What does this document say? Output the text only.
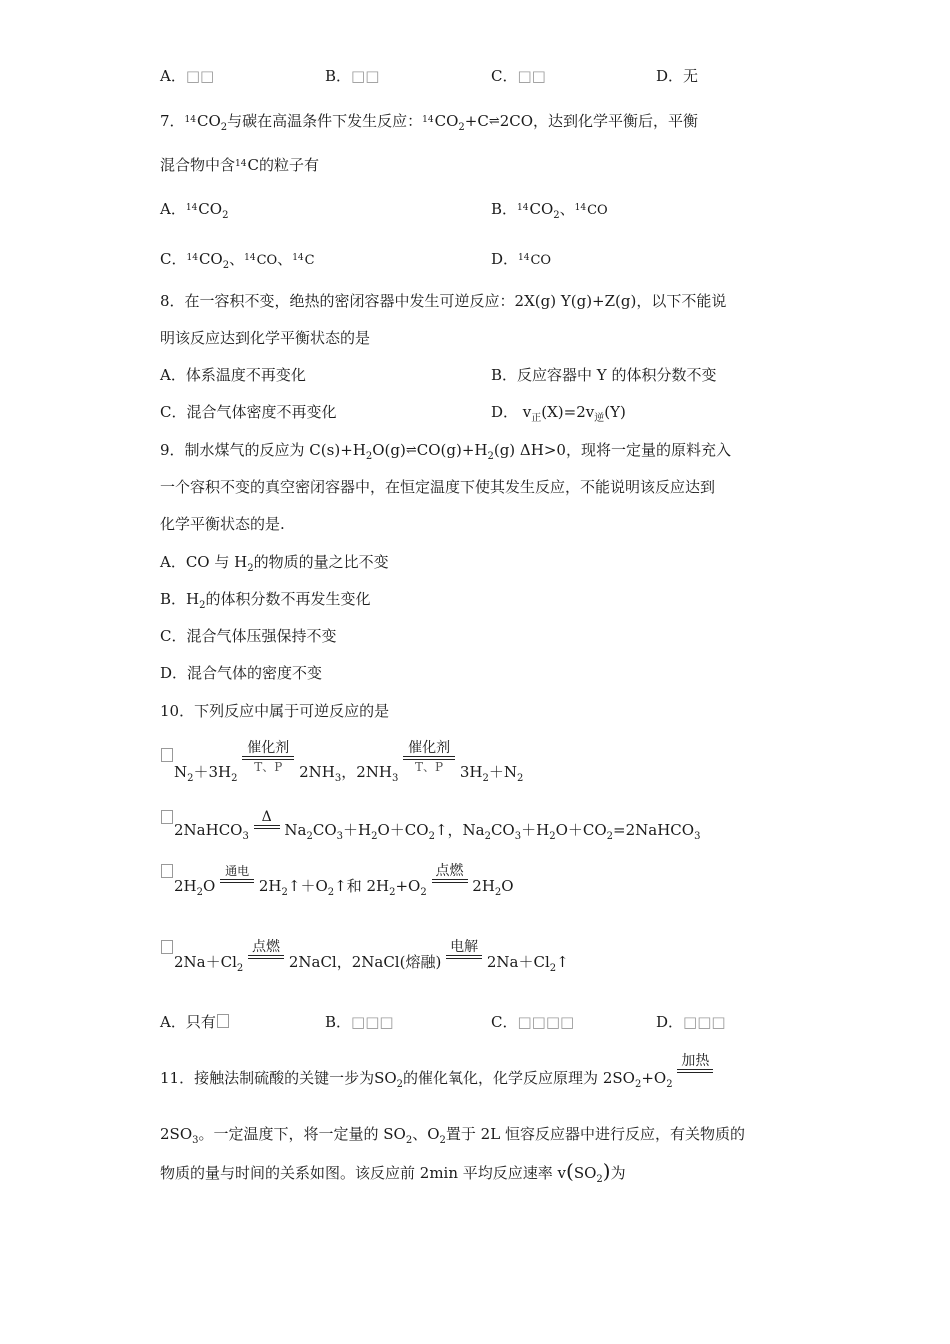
A．□□	B．□□	C．□□	D．无
7．$^{14}CO_2$与碳在高温条件下发生反应：$^{14}CO_2+C\rightleftharpoons 2CO$，达到化学平衡后，平衡
混合物中含$^{14}$C的粒子有
A．$^{14}CO_2$	B．$^{14}CO_2$、$^{14}$CO
C．$^{14}CO_2$、$^{14}$CO、$^{14}$C	D．$^{14}$CO
8．在一容积不变，绝热的密闭容器中发生可逆反应：2X(g) Y(g)+Z(g)，以下不能说
明该反应达到化学平衡状态的是
A．体系温度不再变化	B．反应容器中 Y 的体积分数不变
C．混合气体密度不再变化	D． $v_正(X)=2v_逆(Y)$
9．制水煤气的反应为 $C(s)+H_2O(g)\rightleftharpoons CO(g)+H_2(g)$ ΔH>0，现将一定量的原料充入
一个容积不变的真空密闭容器中，在恒定温度下使其发生反应，不能说明该反应达到
化学平衡状态的是.
A．CO 与 $H_2$的物质的量之比不变
B．$H_2$的体积分数不再发生变化
C．混合气体压强保持不变
D．混合气体的密度不变
10．下列反应中属于可逆反应的是
$N_2+3H_2$
催化剂
T、P	$2NH_3$，$2NH_3$
催化剂
T、P	$3H_2+N_2$
2NaHCO$_3$
Δ
$Na_2CO_3+H_2O+CO_2↑$，$Na_2CO_3+H_2O+CO_2=2NaHCO_3$
$2H_2O$
通电
$2H_2↑+O_2↑$和 $2H_2+O_2$
点燃
$2H_2O$
$2Na+Cl_2$
点燃
2NaCl，2NaCl(熔融)
电解
$2Na+Cl_2↑$
A．只有	B．□□□	C．□□□□	D．□□□
11．接触法制硫酸的关键一步为$SO_2$的催化氧化，化学反应原理为 $2SO_2+O_2$
加热
$2SO_3$。一定温度下，将一定量的 $SO_2$、$O_2$置于 2L 恒容反应器中进行反应，有关物质的
物质的量与时间的关系如图。该反应前 2min 平均反应速率 $v(SO_2)$为
